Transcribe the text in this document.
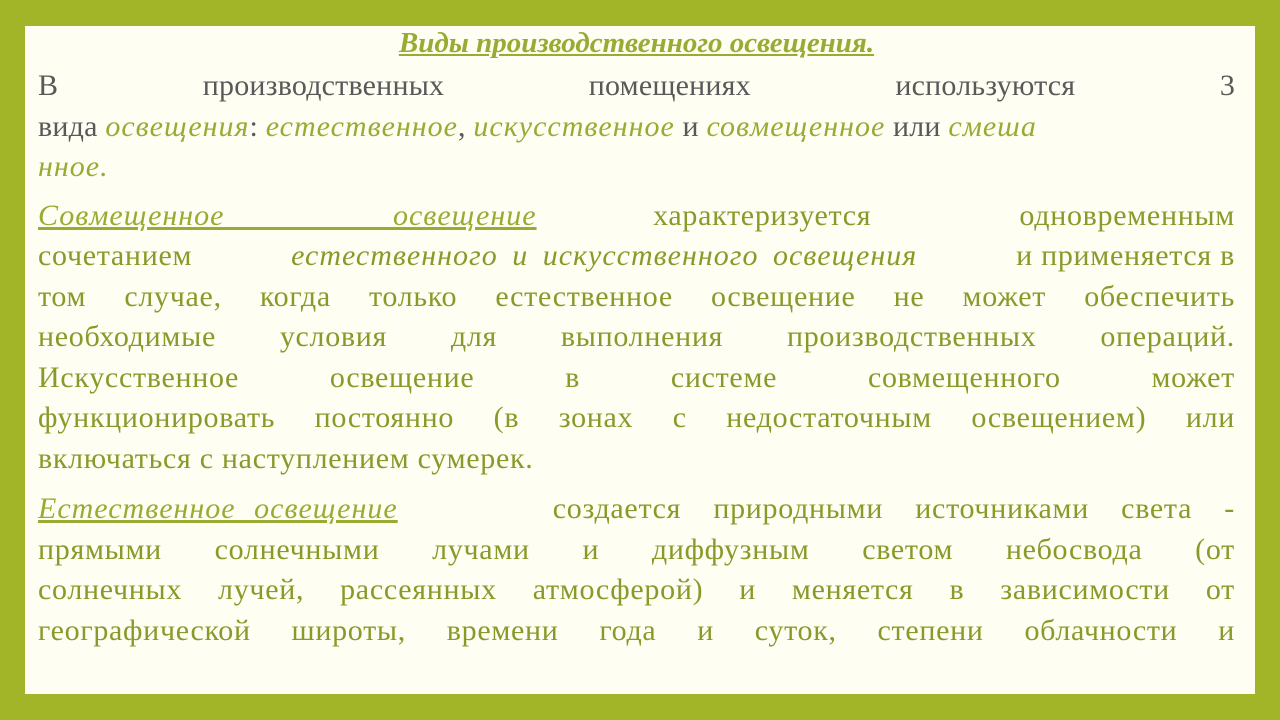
Виды производственного освещения.
В	производственных	помещениях	используются	3
вида освещения: естественное, искусственное и совмещенное или смеша
нное.
Совмещенное освещение	характеризуется одновременным
сочетанием	естественного и искусственного освещения	и применяется в
том случае, когда только естественное освещение не может обеспечить
необходимые условия для выполнения производственных операций.
Искусственное освещение в системе совмещенного может
функционировать постоянно (в зонах с недостаточным освещением) или
включаться с наступлением сумерек.
Естественное освещение	создается природными источниками света -
прямыми солнечными лучами и диффузным светом небосвода (от
солнечных лучей, рассеянных атмосферой) и меняется в зависимости от
географической широты, времени года и суток, степени облачности и
